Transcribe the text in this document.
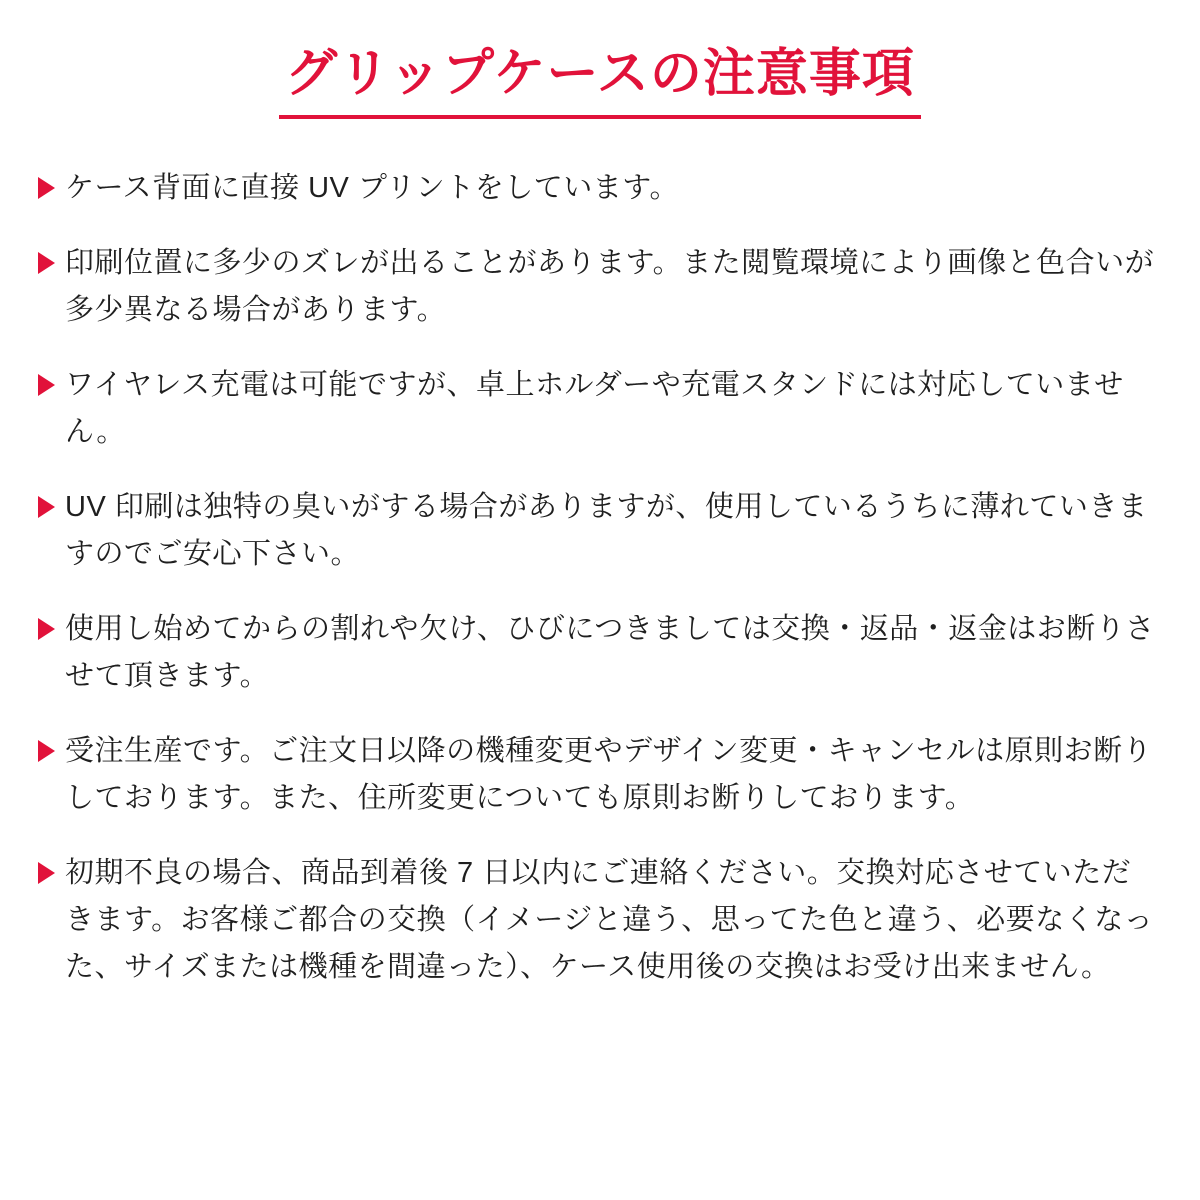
グリップケースの注意事項

ケース背面に直接 UV プリントをしています。

印刷位置に多少のズレが出ることがあります。また閲覧環境により画像と色合いが多少異なる場合があります。

ワイヤレス充電は可能ですが、卓上ホルダーや充電スタンドには対応していません。

UV 印刷は独特の臭いがする場合がありますが、使用しているうちに薄れていきますのでご安心下さい。

使用し始めてからの割れや欠け、ひびにつきましては交換・返品・返金はお断りさせて頂きます。

受注生産です。ご注文日以降の機種変更やデザイン変更・キャンセルは原則お断りしております。また、住所変更についても原則お断りしております。

初期不良の場合、商品到着後 7 日以内にご連絡ください。交換対応させていただきます。お客様ご都合の交換（イメージと違う、思ってた色と違う、必要なくなった、サイズまたは機種を間違った）、ケース使用後の交換はお受け出来ません。
